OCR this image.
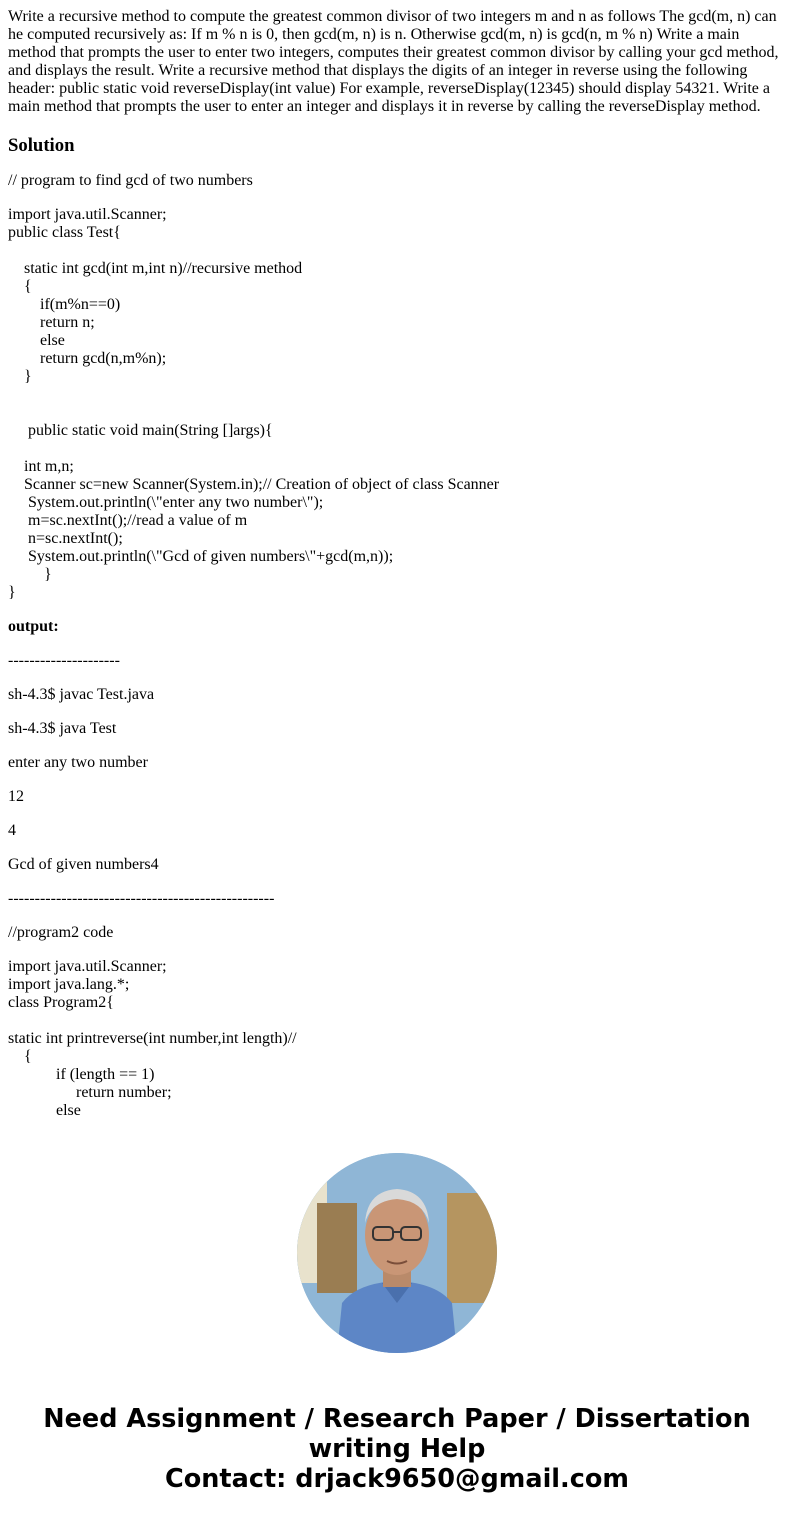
Write a recursive method to compute the greatest common divisor of two integers m and n as follows The gcd(m, n) can he computed recursively as: If m % n is 0, then gcd(m, n) is n. Otherwise gcd(m, n) is gcd(n, m % n) Write a main method that prompts the user to enter two integers, computes their greatest common divisor by calling your gcd method, and displays the result. Write a recursive method that displays the digits of an integer in reverse using the following header: public static void reverseDisplay(int value) For example, reverseDisplay(12345) should display 54321. Write a main method that prompts the user to enter an integer and displays it in reverse by calling the reverseDisplay method.

Solution

// program to find gcd of two numbers

import java.util.Scanner;
public class Test{

static int gcd(int m,int n)//recursive method
{
if(m%n==0)
return n;
else
return gcd(n,m%n);
}

public static void main(String []args){

int m,n;
Scanner sc=new Scanner(System.in);// Creation of object of class Scanner
System.out.println(\"enter any two number\");
m=sc.nextInt();//read a value of m
n=sc.nextInt();
System.out.println(\"Gcd of given numbers\"+gcd(m,n));
}
}

output:

---------------------

sh-4.3$ javac Test.java

sh-4.3$ java Test

enter any two number

12

4

Gcd of given numbers4

--------------------------------------------------

//program2 code

import java.util.Scanner;
import java.lang.*;
class Program2{

static int printreverse(int number,int length)//
{
if (length == 1)
return number;
else

Need Assignment / Research Paper / Dissertation
writing Help
Contact: drjack9650@gmail.com
